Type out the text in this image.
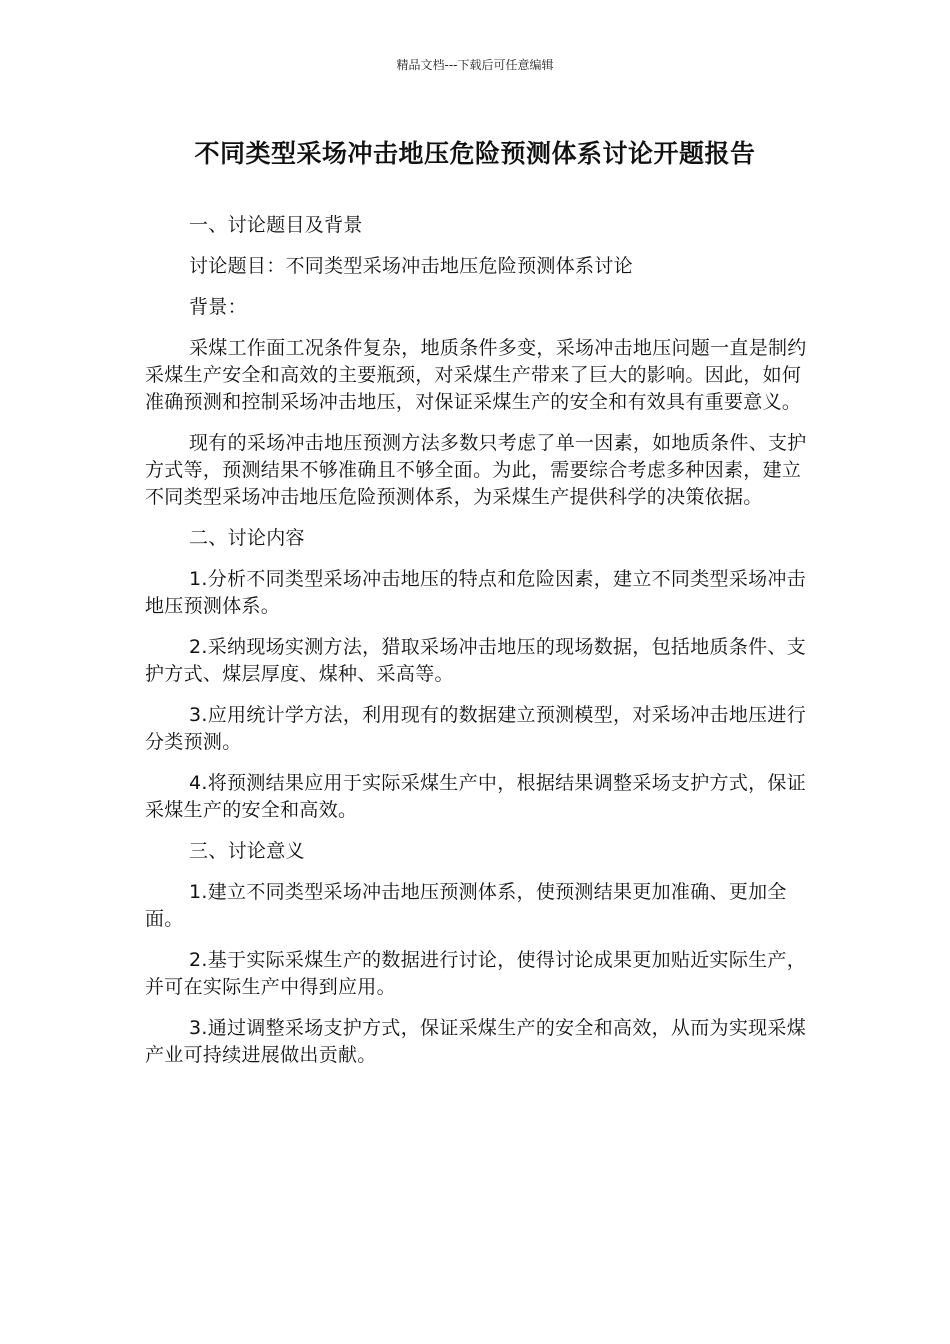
精品文档---下载后可任意编辑
不同类型采场冲击地压危险预测体系讨论开题报告

一、讨论题目及背景

讨论题目：不同类型采场冲击地压危险预测体系讨论

背景：

采煤工作面工况条件复杂，地质条件多变，采场冲击地压问题一直是制约采煤生产安全和高效的主要瓶颈，对采煤生产带来了巨大的影响。因此，如何准确预测和控制采场冲击地压，对保证采煤生产的安全和有效具有重要意义。

现有的采场冲击地压预测方法多数只考虑了单一因素，如地质条件、支护方式等，预测结果不够准确且不够全面。为此，需要综合考虑多种因素，建立不同类型采场冲击地压危险预测体系，为采煤生产提供科学的决策依据。

二、讨论内容

1.分析不同类型采场冲击地压的特点和危险因素，建立不同类型采场冲击地压预测体系。

2.采纳现场实测方法，猎取采场冲击地压的现场数据，包括地质条件、支护方式、煤层厚度、煤种、采高等。

3.应用统计学方法，利用现有的数据建立预测模型，对采场冲击地压进行分类预测。

4.将预测结果应用于实际采煤生产中，根据结果调整采场支护方式，保证采煤生产的安全和高效。

三、讨论意义

1.建立不同类型采场冲击地压预测体系，使预测结果更加准确、更加全面。

2.基于实际采煤生产的数据进行讨论，使得讨论成果更加贴近实际生产，并可在实际生产中得到应用。

3.通过调整采场支护方式，保证采煤生产的安全和高效，从而为实现采煤产业可持续进展做出贡献。
